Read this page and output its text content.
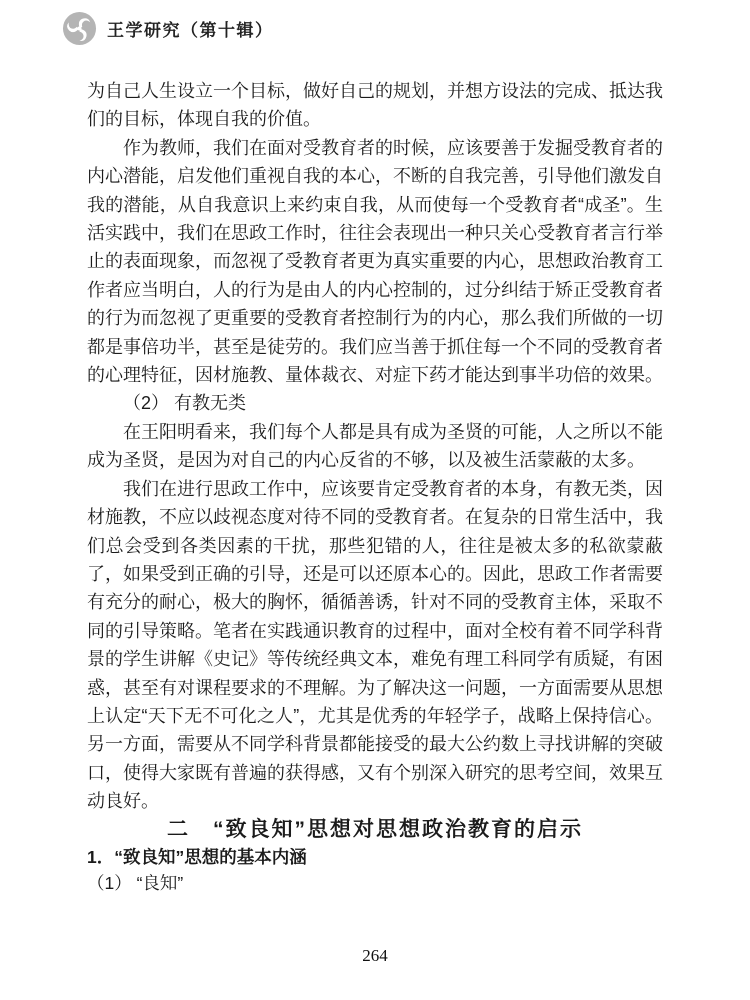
王学研究（第十辑）

为自己人生设立一个目标，做好自己的规划，并想方设法的完成、抵达我们的目标，体现自我的价值。

作为教师，我们在面对受教育者的时候，应该要善于发掘受教育者的内心潜能，启发他们重视自我的本心，不断的自我完善，引导他们激发自我的潜能，从自我意识上来约束自我，从而使每一个受教育者“成圣”。生活实践中，我们在思政工作时，往往会表现出一种只关心受教育者言行举止的表面现象，而忽视了受教育者更为真实重要的内心，思想政治教育工作者应当明白，人的行为是由人的内心控制的，过分纠结于矫正受教育者的行为而忽视了更重要的受教育者控制行为的内心，那么我们所做的一切都是事倍功半，甚至是徒劳的。我们应当善于抓住每一个不同的受教育者的心理特征，因材施教、量体裁衣、对症下药才能达到事半功倍的效果。

（2） 有教无类

在王阳明看来，我们每个人都是具有成为圣贤的可能，人之所以不能成为圣贤，是因为对自己的内心反省的不够，以及被生活蒙蔽的太多。

我们在进行思政工作中，应该要肯定受教育者的本身，有教无类，因材施教，不应以歧视态度对待不同的受教育者。在复杂的日常生活中，我们总会受到各类因素的干扰，那些犯错的人，往往是被太多的私欲蒙蔽了，如果受到正确的引导，还是可以还原本心的。因此，思政工作者需要有充分的耐心，极大的胸怀，循循善诱，针对不同的受教育主体，采取不同的引导策略。笔者在实践通识教育的过程中，面对全校有着不同学科背景的学生讲解《史记》等传统经典文本，难免有理工科同学有质疑，有困惑，甚至有对课程要求的不理解。为了解决这一问题，一方面需要从思想上认定“天下无不可化之人”，尤其是优秀的年轻学子，战略上保持信心。另一方面，需要从不同学科背景都能接受的最大公约数上寻找讲解的突破口，使得大家既有普遍的获得感，又有个别深入研究的思考空间，效果互动良好。

二　“致良知”思想对思想政治教育的启示

1．“致良知”思想的基本内涵

（1） “良知”

264
